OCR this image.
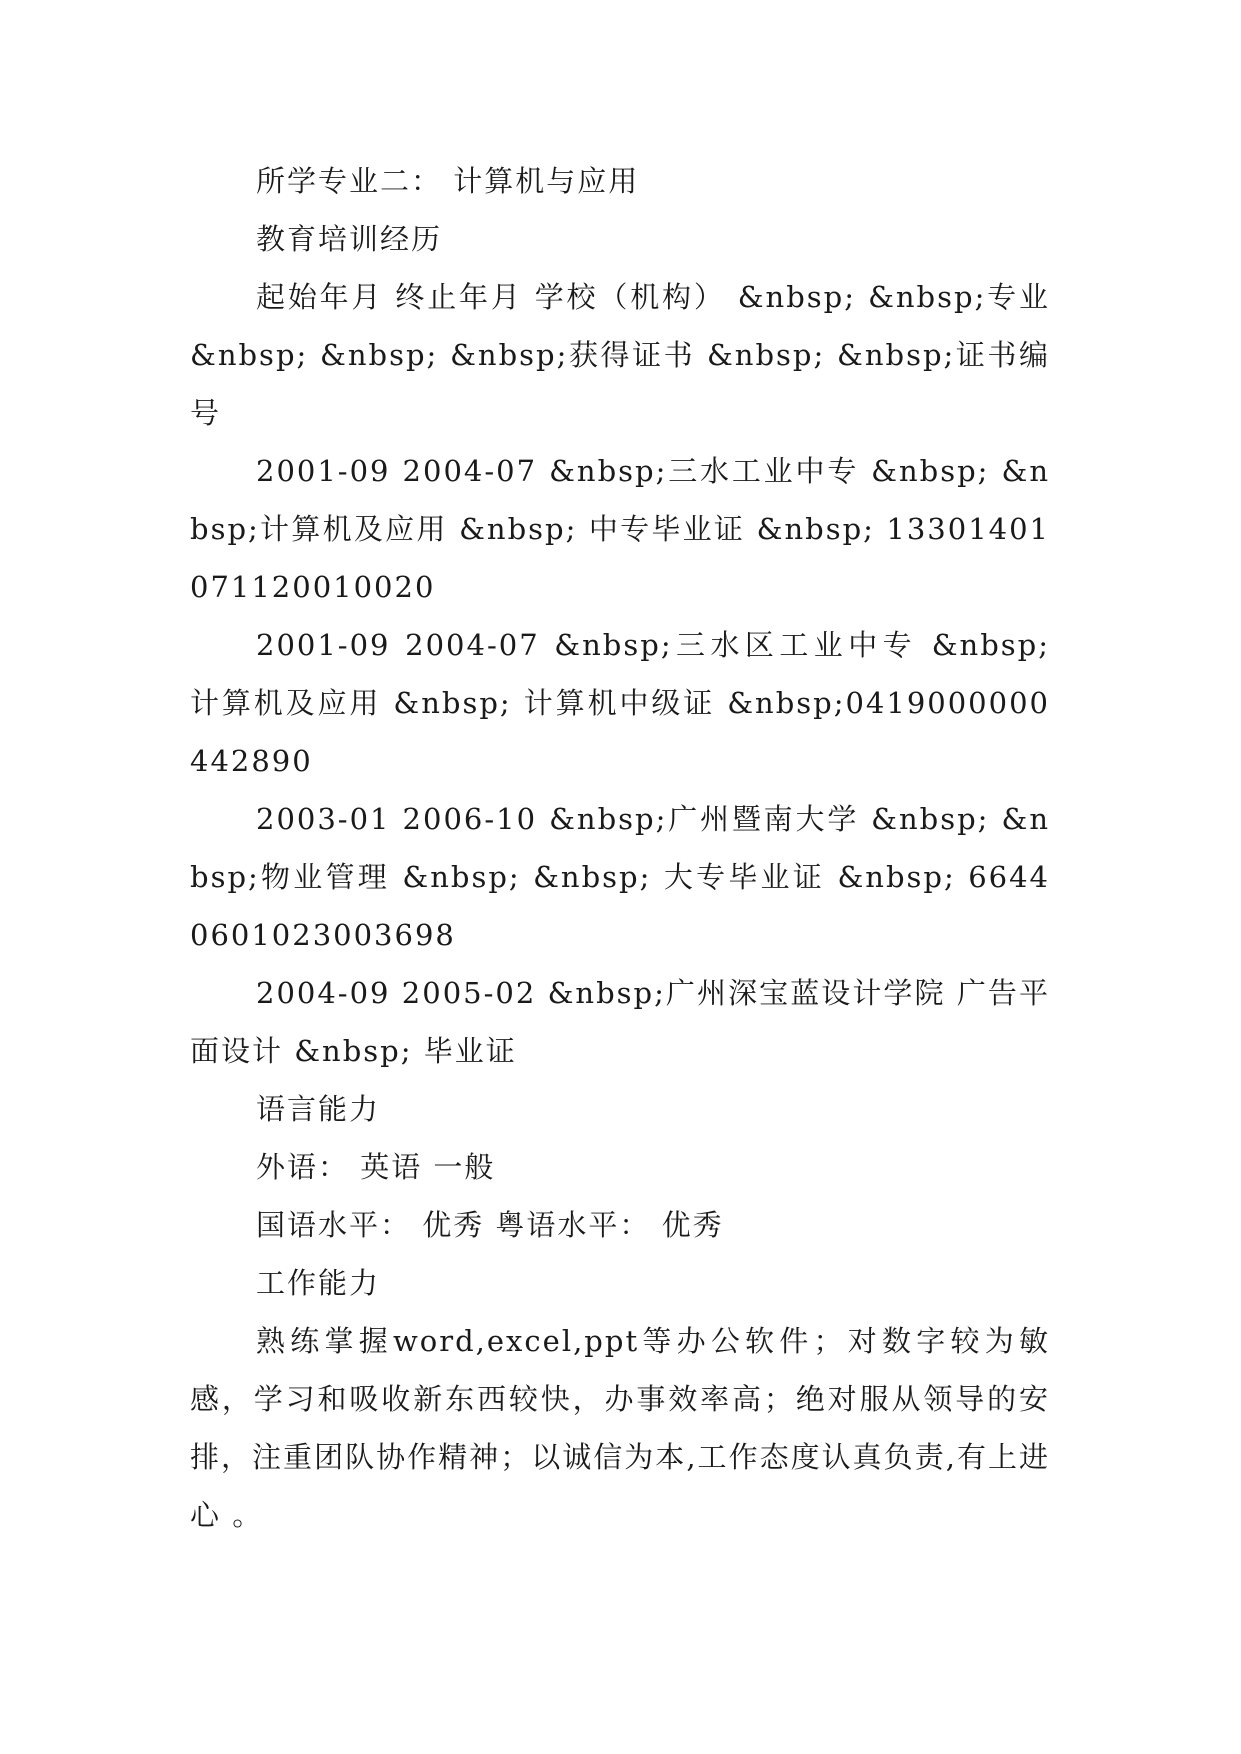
所学专业二： 计算机与应用

教育培训经历

起始年月 终止年月 学校（机构） &nbsp; &nbsp;专业 &nbsp; &nbsp; &nbsp;获得证书 &nbsp; &nbsp;证书编号

2001-09 2004-07 &nbsp;三水工业中专 &nbsp; &nbsp;计算机及应用 &nbsp; 中专毕业证 &nbsp; 13301401071120010020

2001-09 2004-07 &nbsp;三水区工业中专 &nbsp; 计算机及应用 &nbsp; 计算机中级证 &nbsp;0419000000442890

2003-01 2006-10 &nbsp;广州暨南大学 &nbsp; &nbsp;物业管理 &nbsp; &nbsp; 大专毕业证 &nbsp; 66440601023003698

2004-09 2005-02 &nbsp;广州深宝蓝设计学院 广告平面设计 &nbsp; 毕业证

语言能力

外语： 英语 一般

国语水平： 优秀 粤语水平： 优秀

工作能力

熟练掌握word,excel,ppt等办公软件；对数字较为敏感，学习和吸收新东西较快，办事效率高；绝对服从领导的安排，注重团队协作精神；以诚信为本,工作态度认真负责,有上进心 。
